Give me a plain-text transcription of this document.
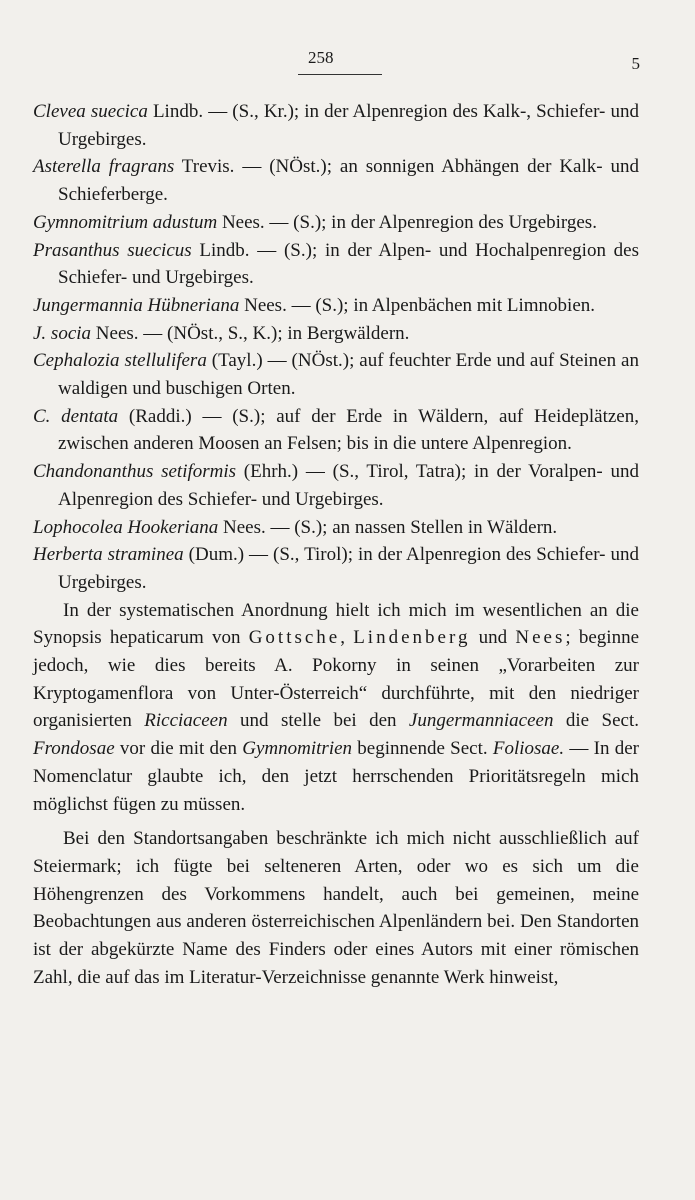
258	5
Clevea suecica Lindb. — (S., Kr.); in der Alpenregion des Kalk-, Schiefer- und Urgebirges.
Asterella fragrans Trevis. — (NÖst.); an sonnigen Abhängen der Kalk- und Schieferberge.
Gymnomitrium adustum Nees. — (S.); in der Alpenregion des Urgebirges.
Prasanthus suecicus Lindb. — (S.); in der Alpen- und Hochalpenregion des Schiefer- und Urgebirges.
Jungermannia Hübneriana Nees. — (S.); in Alpenbächen mit Limnobien.
J. socia Nees. — (NÖst., S., K.); in Bergwäldern.
Cephalozia stellulifera (Tayl.) — (NÖst.); auf feuchter Erde und auf Steinen an waldigen und buschigen Orten.
C. dentata (Raddi.) — (S.); auf der Erde in Wäldern, auf Heideplätzen, zwischen anderen Moosen an Felsen; bis in die untere Alpenregion.
Chandonanthus setiformis (Ehrh.) — (S., Tirol, Tatra); in der Voralpen- und Alpenregion des Schiefer- und Urgebirges.
Lophocolea Hookeriana Nees. — (S.); an nassen Stellen in Wäldern.
Herberta straminea (Dum.) — (S., Tirol); in der Alpenregion des Schiefer- und Urgebirges.

In der systematischen Anordnung hielt ich mich im wesentlichen an die Synopsis hepaticarum von Gottsche, Lindenberg und Nees; beginne jedoch, wie dies bereits A. Pokorny in seinen „Vorarbeiten zur Kryptogamenflora von Unter-Österreich“ durchführte, mit den niedriger organisierten Ricciaceen und stelle bei den Jungermanniaceen die Sect. Frondosae vor die mit den Gymnomitrien beginnende Sect. Foliosae. — In der Nomenclatur glaubte ich, den jetzt herrschenden Prioritätsregeln mich möglichst fügen zu müssen.

Bei den Standortsangaben beschränkte ich mich nicht ausschließlich auf Steiermark; ich fügte bei selteneren Arten, oder wo es sich um die Höhengrenzen des Vorkommens handelt, auch bei gemeinen, meine Beobachtungen aus anderen österreichischen Alpenländern bei. Den Standorten ist der abgekürzte Name des Finders oder eines Autors mit einer römischen Zahl, die auf das im Literatur-Verzeichnisse genannte Werk hinweist,
